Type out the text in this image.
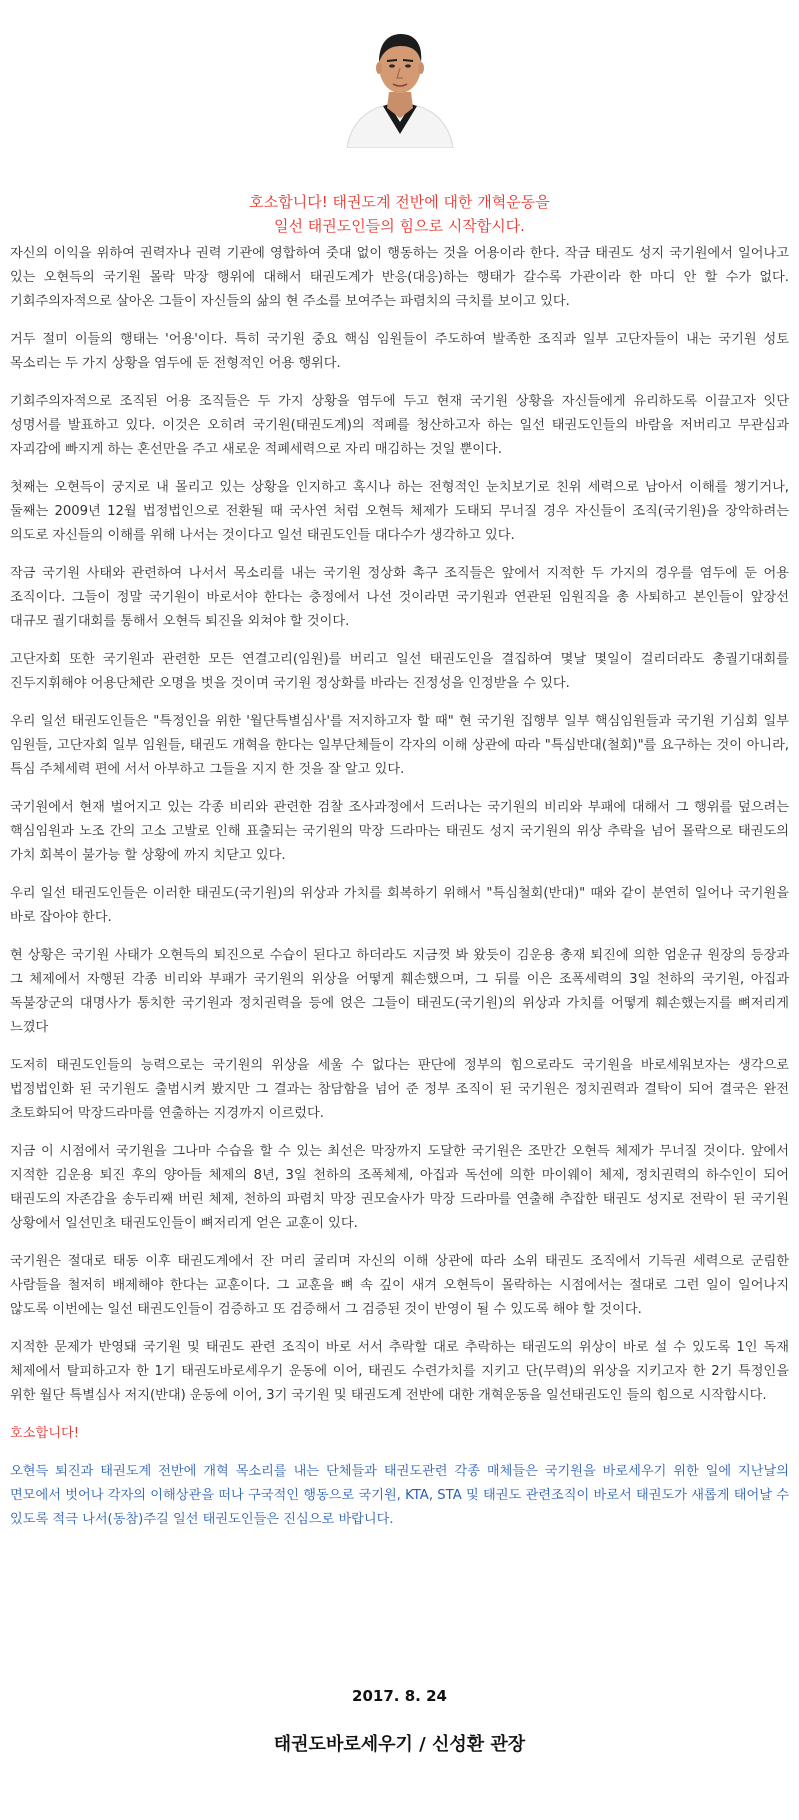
호소합니다! 태권도계 전반에 대한 개혁운동을
일선 태권도인들의 힘으로 시작합시다.

자신의 이익을 위하여 권력자나 권력 기관에 영합하여 줏대 없이 행동하는 것을 어용이라 한다. 작금 태권도 성지 국기원에서 일어나고 있는 오현득의 국기원 몰락 막장 행위에 대해서 태권도계가 반응(대응)하는 행태가 갈수록 가관이라 한 마디 안 할 수가 없다. 기회주의자적으로 살아온 그들이 자신들의 삶의 현 주소를 보여주는 파렴치의 극치를 보이고 있다.

거두 절미 이들의 행태는 '어용'이다. 특히 국기원 중요 핵심 임원들이 주도하여 발족한 조직과 일부 고단자들이 내는 국기원 성토 목소리는 두 가지 상황을 염두에 둔 전형적인 어용 행위다.

기회주의자적으로 조직된 어용 조직들은 두 가지 상황을 염두에 두고 현재 국기원 상황을 자신들에게 유리하도록 이끌고자 잇단 성명서를 발표하고 있다. 이것은 오히려 국기원(태권도계)의 적폐를 청산하고자 하는 일선 태권도인들의 바람을 저버리고 무관심과 자괴감에 빠지게 하는 혼선만을 주고 새로운 적폐세력으로 자리 매김하는 것일 뿐이다.

첫째는 오현득이 궁지로 내 몰리고 있는 상황을 인지하고 혹시나 하는 전형적인 눈치보기로 친위 세력으로 남아서 이해를 챙기거나, 둘째는 2009년 12월 법정법인으로 전환될 때 국사연 처럼 오현득 체제가 도태되 무너질 경우 자신들이 조직(국기원)을 장악하려는 의도로 자신들의 이해를 위해 나서는 것이다고 일선 태권도인들 대다수가 생각하고 있다.

작금 국기원 사태와 관련하여 나서서 목소리를 내는 국기원 정상화 촉구 조직들은 앞에서 지적한 두 가지의 경우를 염두에 둔 어용 조직이다. 그들이 정말 국기원이 바로서야 한다는 충정에서 나선 것이라면 국기원과 연관된 임원직을 총 사퇴하고 본인들이 앞장선 대규모 궐기대회를 통해서 오현득 퇴진을 외쳐야 할 것이다.

고단자회 또한 국기원과 관련한 모든 연결고리(임원)를 버리고 일선 태권도인을 결집하여 몇날 몇일이 걸리더라도 총궐기대회를 진두지휘해야 어용단체란 오명을 벗을 것이며 국기원 정상화를 바라는 진정성을 인정받을 수 있다.

우리 일선 태권도인들은 "특정인을 위한 '월단특별심사'를 저지하고자 할 때" 현 국기원 집행부 일부 핵심임원들과 국기원 기심회 일부 임원들, 고단자회 일부 임원들, 태권도 개혁을 한다는 일부단체들이 각자의 이해 상관에 따라 "특심반대(철회)"를 요구하는 것이 아니라, 특심 주체세력 편에 서서 아부하고 그들을 지지 한 것을 잘 알고 있다.

국기원에서 현재 벌어지고 있는 각종 비리와 관련한 검찰 조사과정에서 드러나는 국기원의 비리와 부패에 대해서 그 행위를 덮으려는 핵심임원과 노조 간의 고소 고발로 인해 표출되는 국기원의 막장 드라마는 태권도 성지 국기원의 위상 추락을 넘어 몰락으로 태권도의 가치 회복이 불가능 할 상황에 까지 치닫고 있다.

우리 일선 태권도인들은 이러한 태권도(국기원)의 위상과 가치를 회복하기 위해서 "특심철회(반대)" 때와 같이 분연히 일어나 국기원을 바로 잡아야 한다.

현 상황은 국기원 사태가 오현득의 퇴진으로 수습이 된다고 하더라도 지금껏 봐 왔듯이 김운용 총재 퇴진에 의한 엄운규 원장의 등장과 그 체제에서 자행된 각종 비리와 부패가 국기원의 위상을 어떻게 훼손했으며, 그 뒤를 이은 조폭세력의 3일 천하의 국기원, 아집과 독불장군의 대명사가 통치한 국기원과 정치권력을 등에 얹은 그들이 태권도(국기원)의 위상과 가치를 어떻게 훼손했는지를 뼈저리게 느꼈다

도저히 태권도인들의 능력으로는 국기원의 위상을 세울 수 없다는 판단에 정부의 힘으로라도 국기원을 바로세워보자는 생각으로 법정법인화 된 국기원도 출범시켜 봤지만 그 결과는 참담함을 넘어 준 정부 조직이 된 국기원은 정치권력과 결탁이 되어 결국은 완전 초토화되어 막장드라마를 연출하는 지경까지 이르렀다.

지금 이 시점에서 국기원을 그나마 수습을 할 수 있는 최선은 막장까지 도달한 국기원은 조만간 오현득 체제가 무너질 것이다. 앞에서 지적한 김운용 퇴진 후의 양아들 체제의 8년, 3일 천하의 조폭체제, 아집과 독선에 의한 마이웨이 체제, 정치권력의 하수인이 되어 태권도의 자존감을 송두리째 버린 체제, 천하의 파렴치 막장 권모술사가 막장 드라마를 연출해 추잡한 태권도 성지로 전락이 된 국기원 상황에서 일선민초 태권도인들이 뼈저리게 얻은 교훈이 있다.

국기원은 절대로 태동 이후 태권도계에서 잔 머리 굴리며 자신의 이해 상관에 따라 소위 태권도 조직에서 기득권 세력으로 군림한 사람들을 철저히 배제해야 한다는 교훈이다. 그 교훈을 뼈 속 깊이 새겨 오현득이 몰락하는 시점에서는 절대로 그런 일이 일어나지 않도록 이번에는 일선 태권도인들이 검증하고 또 검증해서 그 검증된 것이 반영이 될 수 있도록 해야 할 것이다.

지적한 문제가 반영돼 국기원 및 태권도 관련 조직이 바로 서서 추락할 대로 추락하는 태권도의 위상이 바로 설 수 있도록 1인 독재 체제에서 탈피하고자 한 1기 태권도바로세우기 운동에 이어, 태권도 수련가치를 지키고 단(무력)의 위상을 지키고자 한 2기 특정인을 위한 월단 특별심사 저지(반대) 운동에 이어, 3기 국기원 및 태권도계 전반에 대한 개혁운동을 일선태권도인 들의 힘으로 시작합시다.

호소합니다!

오현득 퇴진과 태권도계 전반에 개혁 목소리를 내는 단체들과 태권도관련 각종 매체들은 국기원을 바로세우기 위한 일에 지난날의 면모에서 벗어나 각자의 이해상관을 떠나 구국적인 행동으로 국기원, KTA, STA 및 태권도 관련조직이 바로서 태권도가 새롭게 태어날 수 있도록 적극 나서(동참)주길 일선 태권도인들은 진심으로 바랍니다.

2017. 8. 24
태권도바로세우기 / 신성환 관장
